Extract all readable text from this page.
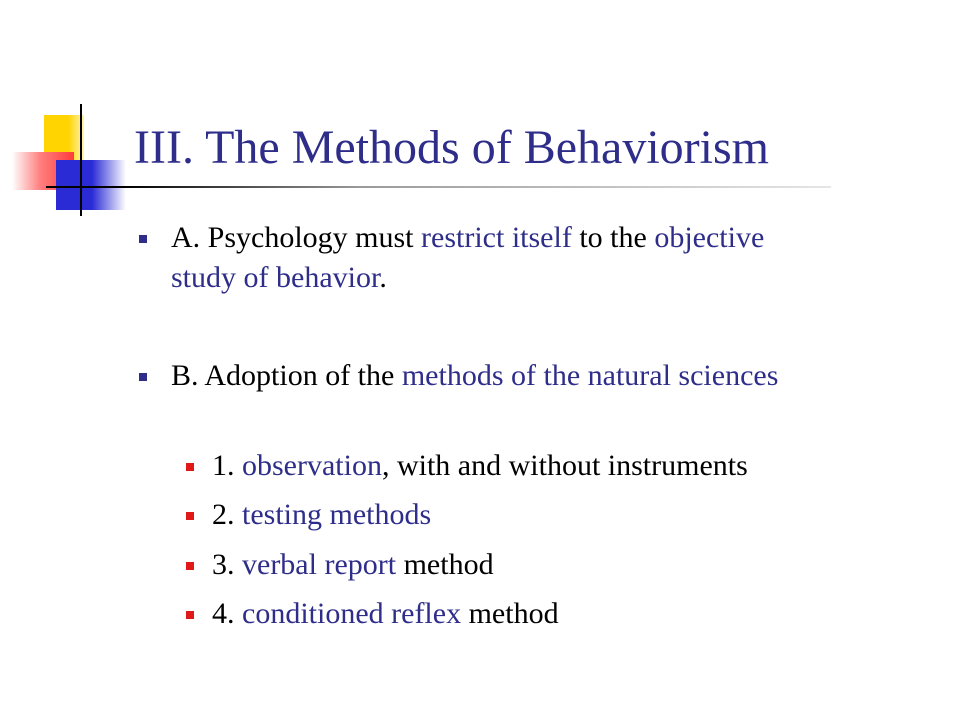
III. The Methods of Behaviorism
A. Psychology must restrict itself to the objective study of behavior.
B. Adoption of the methods of the natural sciences
1. observation, with and without instruments
2. testing methods
3. verbal report method
4. conditioned reflex method
